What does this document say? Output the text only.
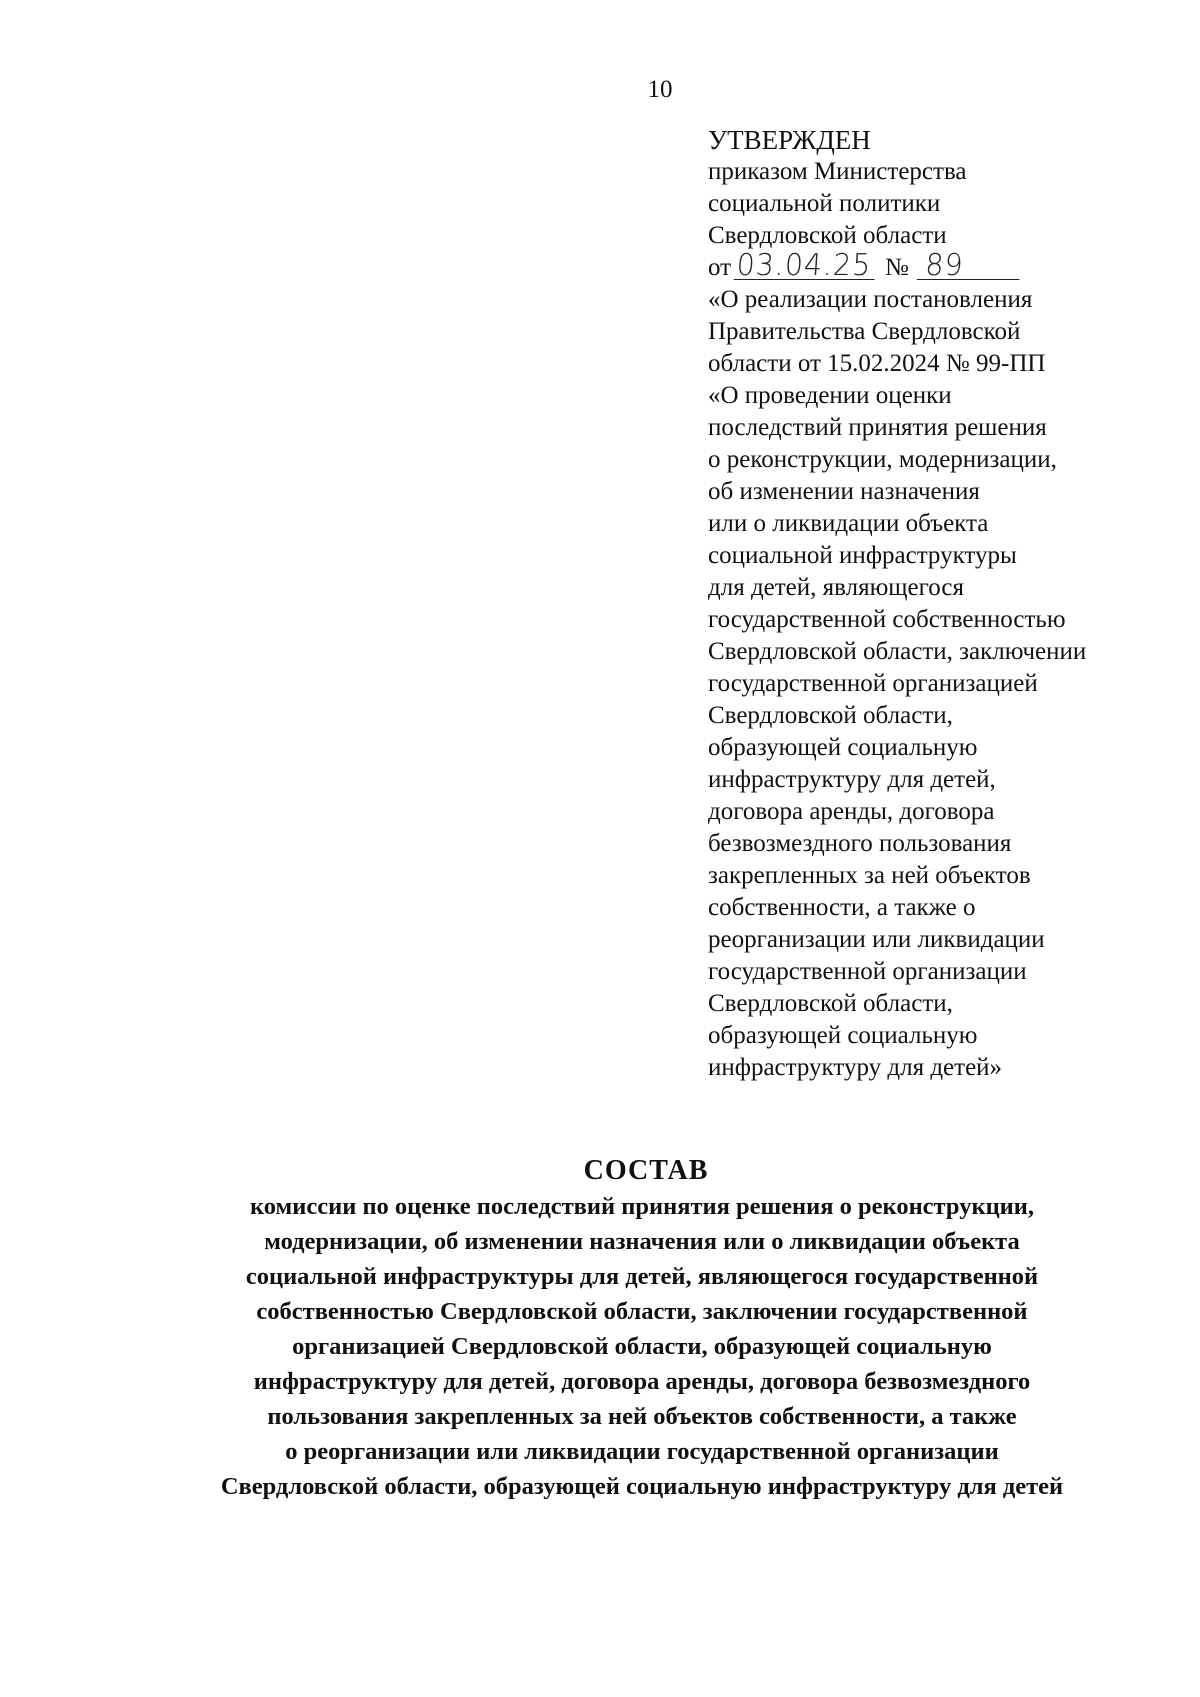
10
УТВЕРЖДЕН
приказом Министерства
социальной политики
Свердловской области
от 03.04.25 № 89
«О реализации постановления
Правительства Свердловской
области от 15.02.2024 № 99-ПП
«О проведении оценки
последствий принятия решения
о реконструкции, модернизации,
об изменении назначения
или о ликвидации объекта
социальной инфраструктуры
для детей, являющегося
государственной собственностью
Свердловской области, заключении
государственной организацией
Свердловской области,
образующей социальную
инфраструктуру для детей,
договора аренды, договора
безвозмездного пользования
закрепленных за ней объектов
собственности, а также о
реорганизации или ликвидации
государственной организации
Свердловской области,
образующей социальную
инфраструктуру для детей»
СОСТАВ
комиссии по оценке последствий принятия решения о реконструкции,
модернизации, об изменении назначения или о ликвидации объекта
социальной инфраструктуры для детей, являющегося государственной
собственностью Свердловской области, заключении государственной
организацией Свердловской области, образующей социальную
инфраструктуру для детей, договора аренды, договора безвозмездного
пользования закрепленных за ней объектов собственности, а также
о реорганизации или ликвидации государственной организации
Свердловской области, образующей социальную инфраструктуру для детей
